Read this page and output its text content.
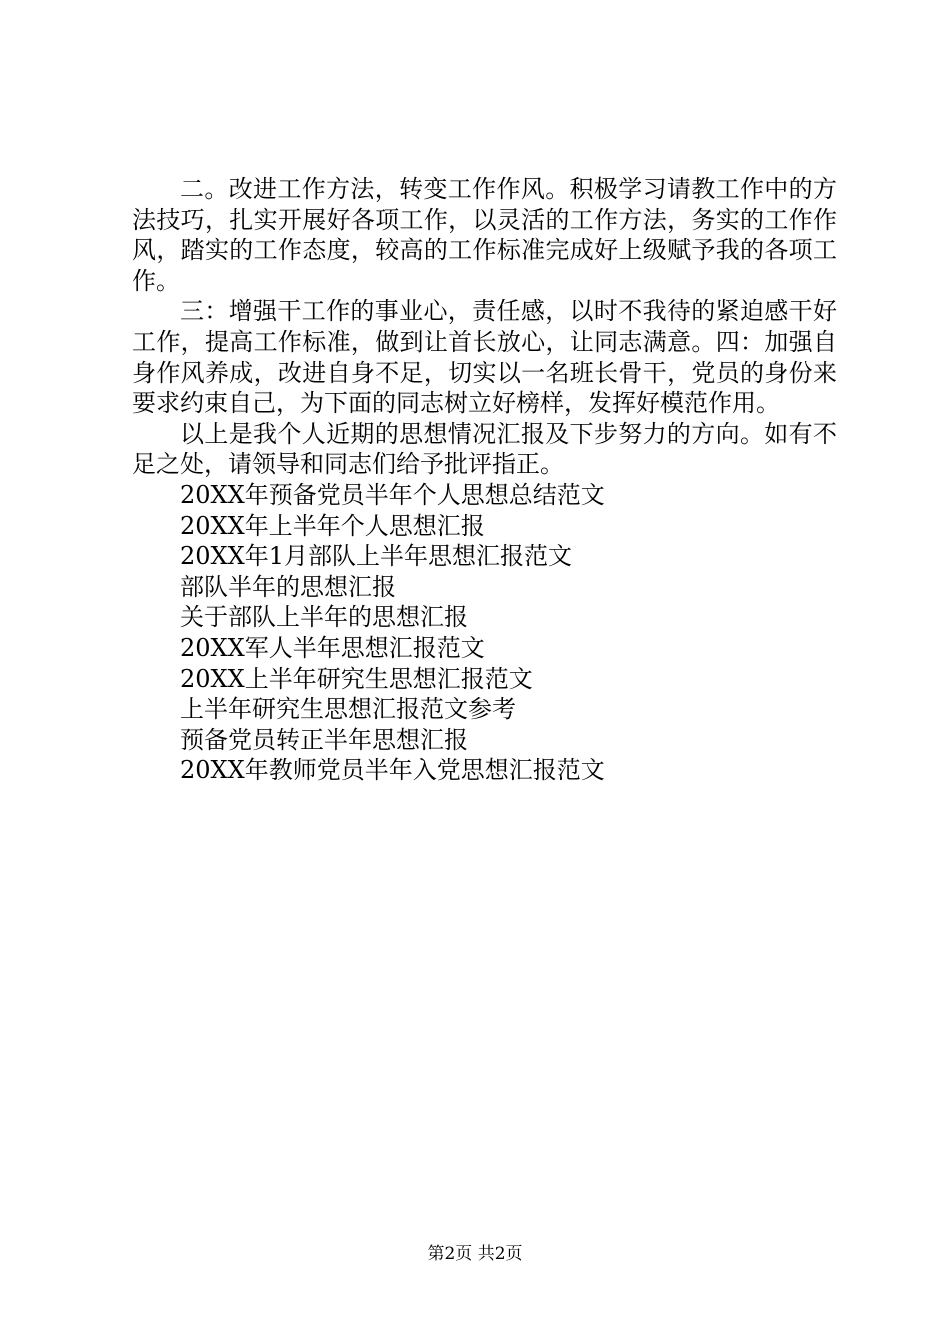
二。改进工作方法，转变工作作风。积极学习请教工作中的方法技巧，扎实开展好各项工作，以灵活的工作方法，务实的工作作风，踏实的工作态度，较高的工作标准完成好上级赋予我的各项工作。

三：增强干工作的事业心，责任感，以时不我待的紧迫感干好工作，提高工作标准，做到让首长放心，让同志满意。四：加强自身作风养成，改进自身不足，切实以一名班长骨干，党员的身份来要求约束自己，为下面的同志树立好榜样，发挥好模范作用。

以上是我个人近期的思想情况汇报及下步努力的方向。如有不足之处，请领导和同志们给予批评指正。

20XX年预备党员半年个人思想总结范文
20XX年上半年个人思想汇报
20XX年1月部队上半年思想汇报范文
部队半年的思想汇报
关于部队上半年的思想汇报
20XX军人半年思想汇报范文
20XX上半年研究生思想汇报范文
上半年研究生思想汇报范文参考
预备党员转正半年思想汇报
20XX年教师党员半年入党思想汇报范文
第2页 共2页
